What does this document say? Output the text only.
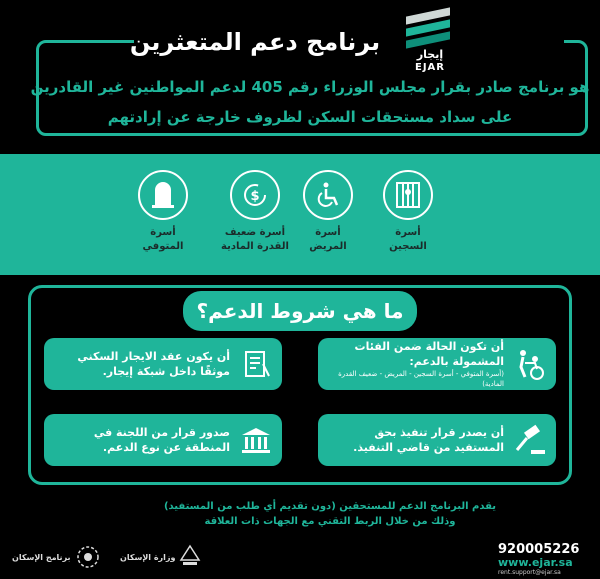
برنامج دعم المتعثرين	إيجار
EJAR
هو برنامج صادر بقرار مجلس الوزراء رقم 405 لدعم المواطنين غير القادرين
على سداد مستحقات السكن لظروف خارجة عن إرادتهم
أسرة
السجين
أسرة
المريض
$
أسرة ضعيف
القدرة المادية
أسرة
المتوفي
ما هي شروط الدعم؟
أن تكون الحالة ضمن الفئات المشمولة بالدعم:
(أسرة المتوفي - أسرة السجين - المريض - ضعيف القدرة المادية)
أن يكون عقد الايجار السكني موثقًا داخل شبكة إيجار.
أن يصدر قرار تنفيذ بحق المستفيد من قاضي التنفيذ.
صدور قرار من اللجنة في المنطقة عن نوع الدعم.
يقدم البرنامج الدعم للمستحقين (دون تقديم أي طلب من المستفيد)
وذلك من خلال الربط التقني مع الجهات ذات العلاقة
920005226
www.ejar.sa
rent.support@ejar.sa
برنامج الإسكان	وزارة الإسكان
